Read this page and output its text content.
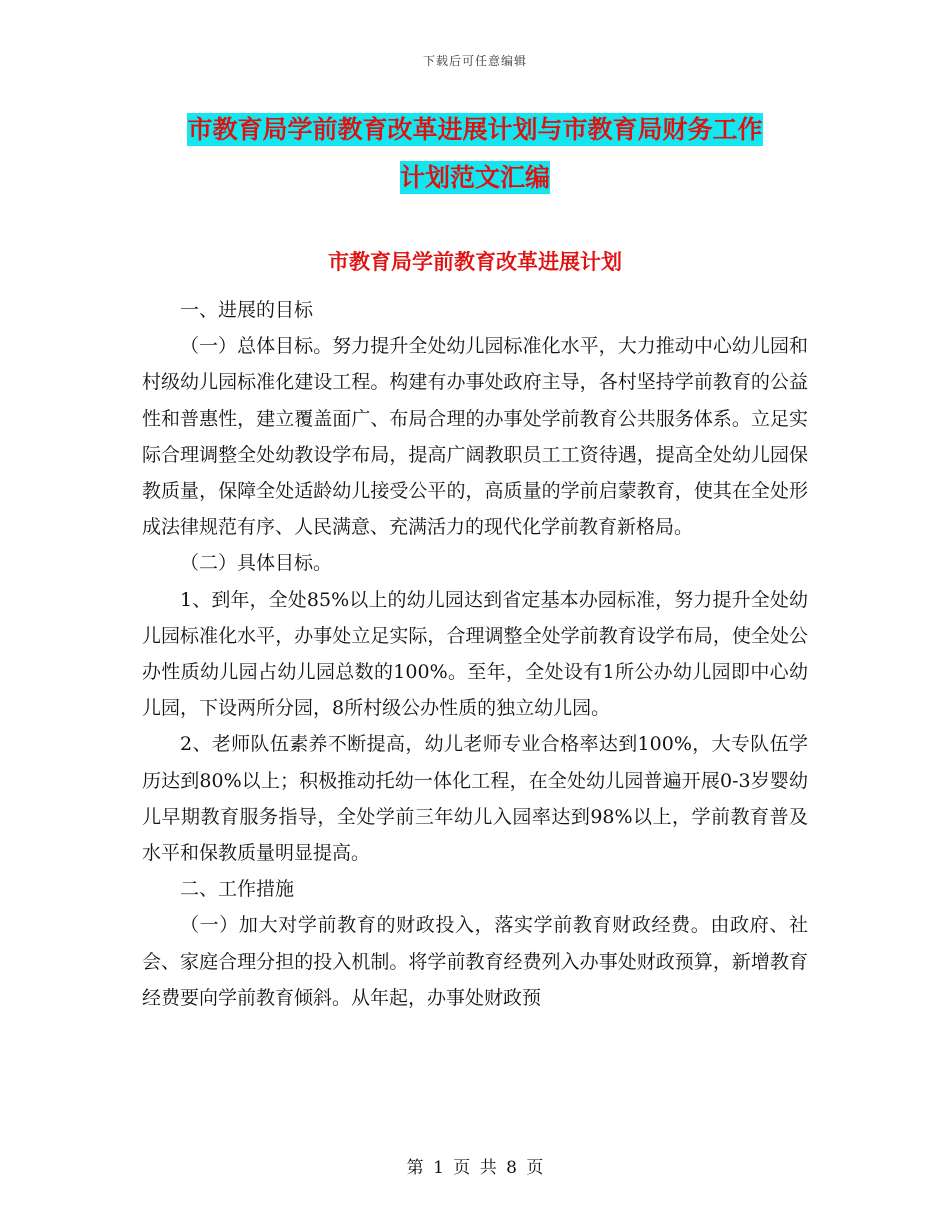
下载后可任意编辑
市教育局学前教育改革进展计划与市教育局财务工作
计划范文汇编
市教育局学前教育改革进展计划

一、进展的目标

（一）总体目标。努力提升全处幼儿园标准化水平，大力推动中心幼儿园和村级幼儿园标准化建设工程。构建有办事处政府主导，各村坚持学前教育的公益性和普惠性，建立覆盖面广、布局合理的办事处学前教育公共服务体系。立足实际合理调整全处幼教设学布局，提高广阔教职员工工资待遇，提高全处幼儿园保教质量，保障全处适龄幼儿接受公平的，高质量的学前启蒙教育，使其在全处形成法律规范有序、人民满意、充满活力的现代化学前教育新格局。

（二）具体目标。

1、到年，全处85%以上的幼儿园达到省定基本办园标准，努力提升全处幼儿园标准化水平，办事处立足实际，合理调整全处学前教育设学布局，使全处公办性质幼儿园占幼儿园总数的100%。至年，全处设有1所公办幼儿园即中心幼儿园，下设两所分园，8所村级公办性质的独立幼儿园。

2、老师队伍素养不断提高，幼儿老师专业合格率达到100%，大专队伍学历达到80%以上；积极推动托幼一体化工程，在全处幼儿园普遍开展0-3岁婴幼儿早期教育服务指导，全处学前三年幼儿入园率达到98%以上，学前教育普及水平和保教质量明显提高。

二、工作措施

（一）加大对学前教育的财政投入，落实学前教育财政经费。由政府、社会、家庭合理分担的投入机制。将学前教育经费列入办事处财政预算，新增教育经费要向学前教育倾斜。从年起，办事处财政预

第 1 页 共 8 页
